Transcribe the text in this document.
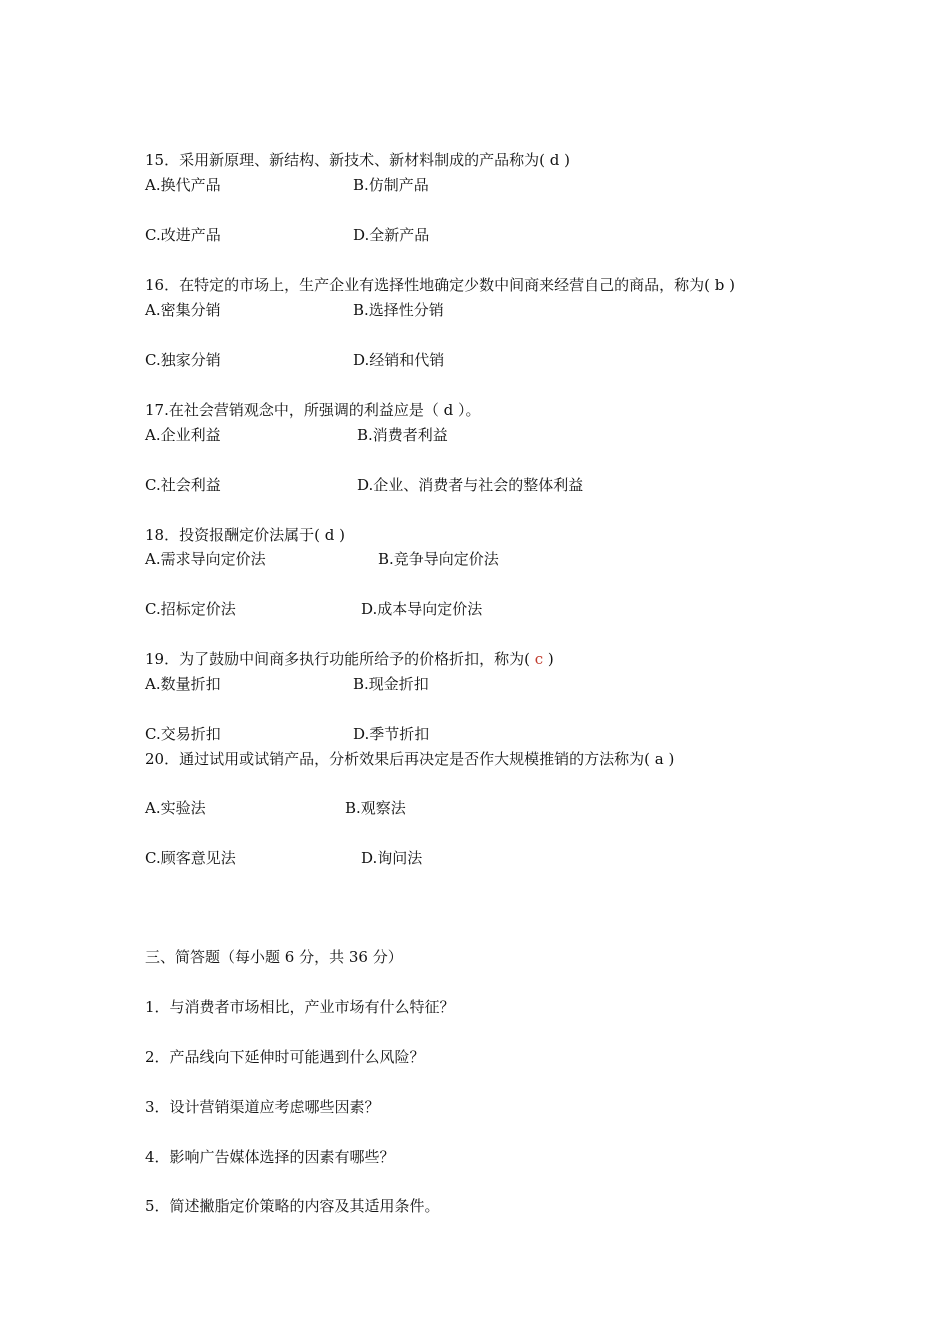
15．采用新原理、新结构、新技术、新材料制成的产品称为( d )
A.换代产品	B.仿制产品
C.改进产品	D.全新产品
16．在特定的市场上，生产企业有选择性地确定少数中间商来经营自己的商品，称为( b )
A.密集分销	B.选择性分销
C.独家分销	D.经销和代销
17.在社会营销观念中，所强调的利益应是（ d ）。
A.企业利益	B.消费者利益
C.社会利益	D.企业、消费者与社会的整体利益
18．投资报酬定价法属于( d )
A.需求导向定价法	B.竞争导向定价法
C.招标定价法	D.成本导向定价法
19．为了鼓励中间商多执行功能所给予的价格折扣，称为( c )
A.数量折扣	B.现金折扣
C.交易折扣	D.季节折扣
20．通过试用或试销产品，分析效果后再决定是否作大规模推销的方法称为( a )
A.实验法	B.观察法
C.顾客意见法	D.询问法
三、简答题（每小题 6 分，共 36 分）
1．与消费者市场相比，产业市场有什么特征？
2．产品线向下延伸时可能遇到什么风险？
3．设计营销渠道应考虑哪些因素？
4．影响广告媒体选择的因素有哪些？
5．简述撇脂定价策略的内容及其适用条件。
